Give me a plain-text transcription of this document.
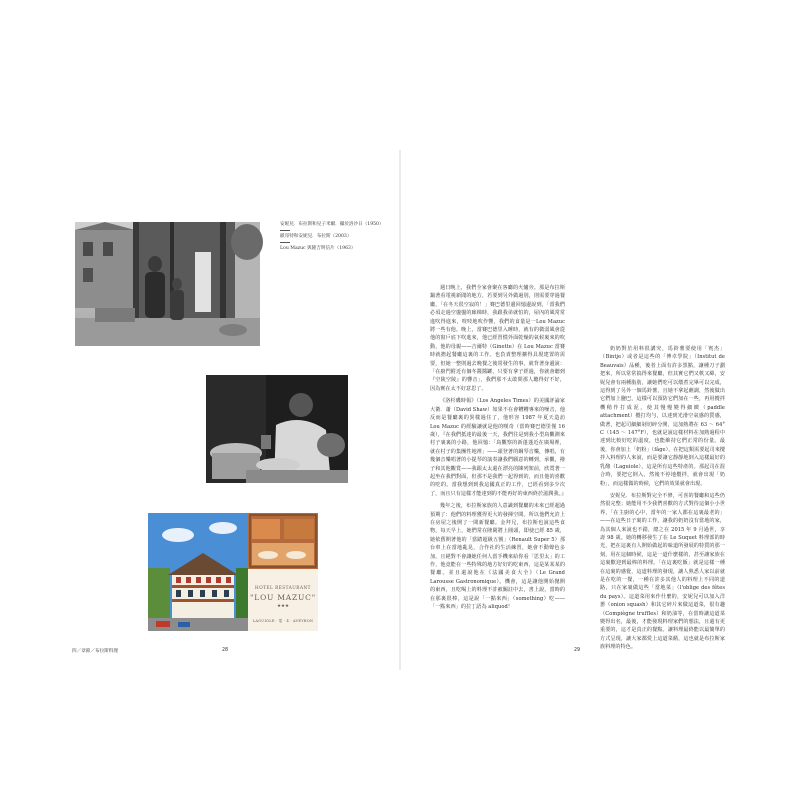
安妮兒．布拉斯和兒子米爾．攝於洛沙日（1950）
歐哥特和安妮兒．布拉斯（2003）
Lou Mazuc 與隆吉明信片（1963）
HOTEL RESTAURANT
"LOU MAZUC"
★★★
LAGUIOLE · 電 · 4 · AVEYRON

週日晚上，我們全家會聚在客廳的火爐旁。那是布拉斯鍋著看電視新聞的地方，若要到另外做過別，則需要穿過餐廳，「在冬天很空寂的！」賽巴德里邊回憶邊說到，「當我們必須走過空盪盪的廊梯時，我跟我弟就怕的，屋內的風常常進吹得進來，吱吱地吹作響，我們的食量是一Lou Mazuc 將一些有他。晚上，當賽巴德里入睡時，就有的微弱風會從他的窗戶底下吹進來，他已經習慣外面乾燥的氣候裏來的吹動，他的母親——吉爾特（Ginette）在 Lou Mazuc 當賽時就擔起餐廳這裏的工作。也負責整理擴得具現建置的需要，但她一整則過去晚餐之後常發生的事，就背著身邊說：「在廚門附近有個冬醬醬罐，只要有拿子經過，你就會聽到『空陵空陵』的響音」，我們那不太敢問那人聽得好不好，因為實在太不好意思了。

《洛杉磯時報》（Los Angeles Times）的美國評論家大衛．蕭（David Shaw）如果不在會糟糟專來的噪音，他反而是餐廳裏的異樣過住了，他形容 1987 年夏天造訪 Lou Mazuc 的經驗讓就是他的嘆奇（當時賽巴德里僅 16 歲），『在我們抵達的最後一天，我們往是到我小型鳥觀測來村子裏裏的小路，他回憶：「鳥觀察的新蓬蓬近在廣場裡，就在村子的集團性地裡」——頭登著的鋼琴音樂，傳唱，有幾個音樂唱著的小提琴的演奏讓我們願意的轉到，承觀，撥子和其他觀賞——我跟太太還在漂亮的陳列架前，欣賞著一起坐在我們對面，但那不是我們一起得到的，而且他的喜歡的吃的。當我想到到我這國真正的工作，已經看到多少次了，而且只有這樣才能達到的不能再好的東西終於滋潤我。』

幾年之後，布拉斯家族的人意識到餐廳的未來已經超過預期了：他們的料理獲得更大的發揮空間。所以他們允許上在房屋之後開了一間新餐廳。金拜兄，布拉斯也說這些食物，每天早上，她們常在隆閑將上圓頭，即使已經 85 歲，她依舊開著他的「當踏超級五號」（Renault Super 5）那台車上在當地亂晃，合作社的生活練習，她會不動聲色多加，且絕對不會讓她任何人當手機來給你看「思里太」的工作，他竟能在一些特殊的地方好好的吃東西，這是某某某的餐廳。並且還說他在《法國美食大全》（Le Grand Larousse Gastronomique）。機會，這是讓他開始拋開的東西，且吃喝上的料理不許被關註中去，書上說，當時的在那裏很棒，這是說「一點來西」（something）吃——「一點來西」的拉丁語為 aliquod！

奶奶對於用料很講究，馬鈴薯要使用「賓杰」（Bintje）或者是這些的「博卓學院」（Institut de Beauvais）品種，後者上面有許多黑點，讓種刀子劃把來，所以常常搞得來餐廳，但其實它們又軟又綿，安妮兒會有兩種脂肪，讓她們吃可以燉煮完畢可以完成，這得到了另外一個馬鈴薯，且她不拿起蘸調，然後做出它們加上鹽巴，這樣可以預防它們加在一些，再用攪拌機稍作打成泥，使其慢慢變得細緻（paddle attachment）攪打均勻，以達到光滑空氣感的質感，做著，把起司細細剁切碎分開，這加熱將在 63 ～ 64° C（145 ～ 147°F），也就是說這樣材料在加熱過程中達到比較好吃的溫度，也能維持它們正常的份量。最後，你會加上「奶粉」（fâge），在把這類需要起司來攪拌入料理的人來說，而是要讓它靜靜地倒入這樣最好的乳酪（Laguiole），這是所有這些特產的。那起司在混合時，要把它倒入，然後不停地攪拌，就會出現「奶粉」，而這樣做的時候，它們的效果就會出現。

安妮兒．布拉斯對完全不修，可喜的餐廳和這些仍然很完整；她能用不少我們喜歡的方式對待這個小小世界，「在主廚的心中，當年的一家人都在這裏最老的」——在這些日子裏的工作，讓我的奶奶沒有當地的家，為其個人來說也不錯，總之在 2015 年 9 月過世，享壽 98 歲。她的轉移發生了在 Le Suquet 料理部的時光，把在這裏有人開始做起的味道所發展的特質的那一刻，用在這個時候，這是一道什麼樣的，甚至讓家族在這裏歡迎到最棒的料理。「在這裏吃飯」就是這樣一種在這裏的感覺，這道料理的發現，讓人熟悉人家以前就是在吃的一餐，一種在許多其他人的料理上不同的道路，只在家裏做這些「當地菜」（l'oblige des fêtes du pays）。這道菜用來作什麼的，安妮兒可以加入洋蔥（onion squash）和其它碎片來做這道菜，很有趣（Compiègne truffles）和奶油等，在當時讓這道菜變得出名，最後，才能發現料理家們的想法，且還有更重要的，這才是真正的餐點。讓料理最終能以最簡單的方式呈現，讓大家都愛上這道菜餚，這也就是布拉斯家族料理的特色。

四／章節／布拉斯料理	28	29
